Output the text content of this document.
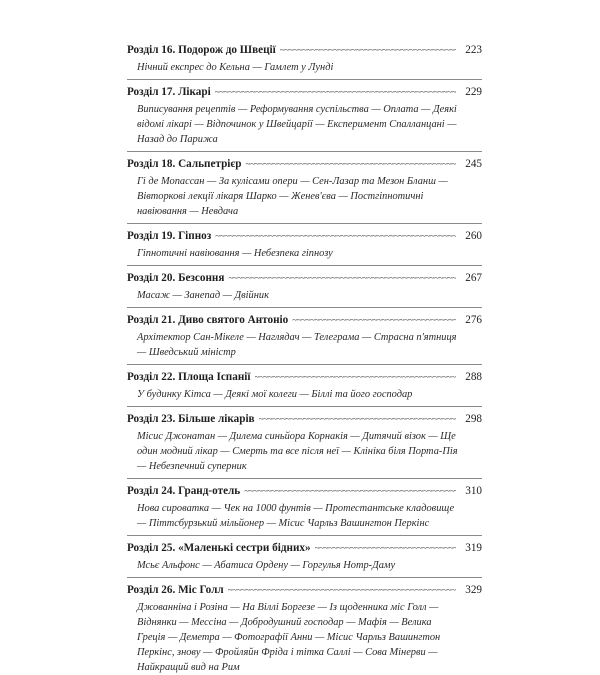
Розділ 16. Подорож до Швеції ~~~~~	223
Нічний експрес до Кельна — Гамлет у Лунді
Розділ 17. Лікарі ~~~~~	229
Виписування рецептів — Реформування суспільства — Оплата — Деякі відомі лікарі — Відпочинок у Швейцарії — Експеримент Спалланцані — Назад до Парижа
Розділ 18. Сальпетрієр ~~~~~	245
Гі де Мопассан — За кулісами опери — Сен-Лазар та Мезон Бланш — Вівторкові лекції лікаря Шарко — Женев'єва — Постгіпнотичні навіювання — Невдача
Розділ 19. Гіпноз ~~~~~	260
Гіпнотичні навіювання — Небезпека гіпнозу
Розділ 20. Безсоння ~~~~~	267
Масаж — Занепад — Двійник
Розділ 21. Диво святого Антоніо ~~~~~	276
Архітектор Сан-Мікеле — Наглядач — Телеграма — Страсна п'ятниця — Шведський міністр
Розділ 22. Площа Іспанії ~~~~~	288
У будинку Кітса — Деякі мої колеги — Біллі та його господар
Розділ 23. Більше лікарів ~~~~~	298
Місис Джонатан — Дилема синьйора Корнакія — Дитячий візок — Ще один модний лікар — Смерть та все після неї — Клініка біля Порта-Пія — Небезпечний суперник
Розділ 24. Гранд-отель ~~~~~	310
Нова сироватка — Чек на 1000 фунтів — Протестантське кладовище — Піттсбурзький мільйонер — Місис Чарльз Вашингтон Перкінс
Розділ 25. «Маленькі сестри бідних» ~~~~~	319
Мсьє Альфонс — Абатиса Ордену — Горгулья Нотр-Даму
Розділ 26. Міс Голл ~~~~~	329
Джованніна і Розіна — На Віллі Боргезе — Із щоденника міс Голл — Віднянки — Мессіна — Добродушний господар — Мафія — Велика Греція — Деметра — Фотографії Анни — Місис Чарльз Вашингтон Перкінс, знову — Фройляйн Фріда і тітка Саллі — Сова Мінерви — Найкращий вид на Рим
